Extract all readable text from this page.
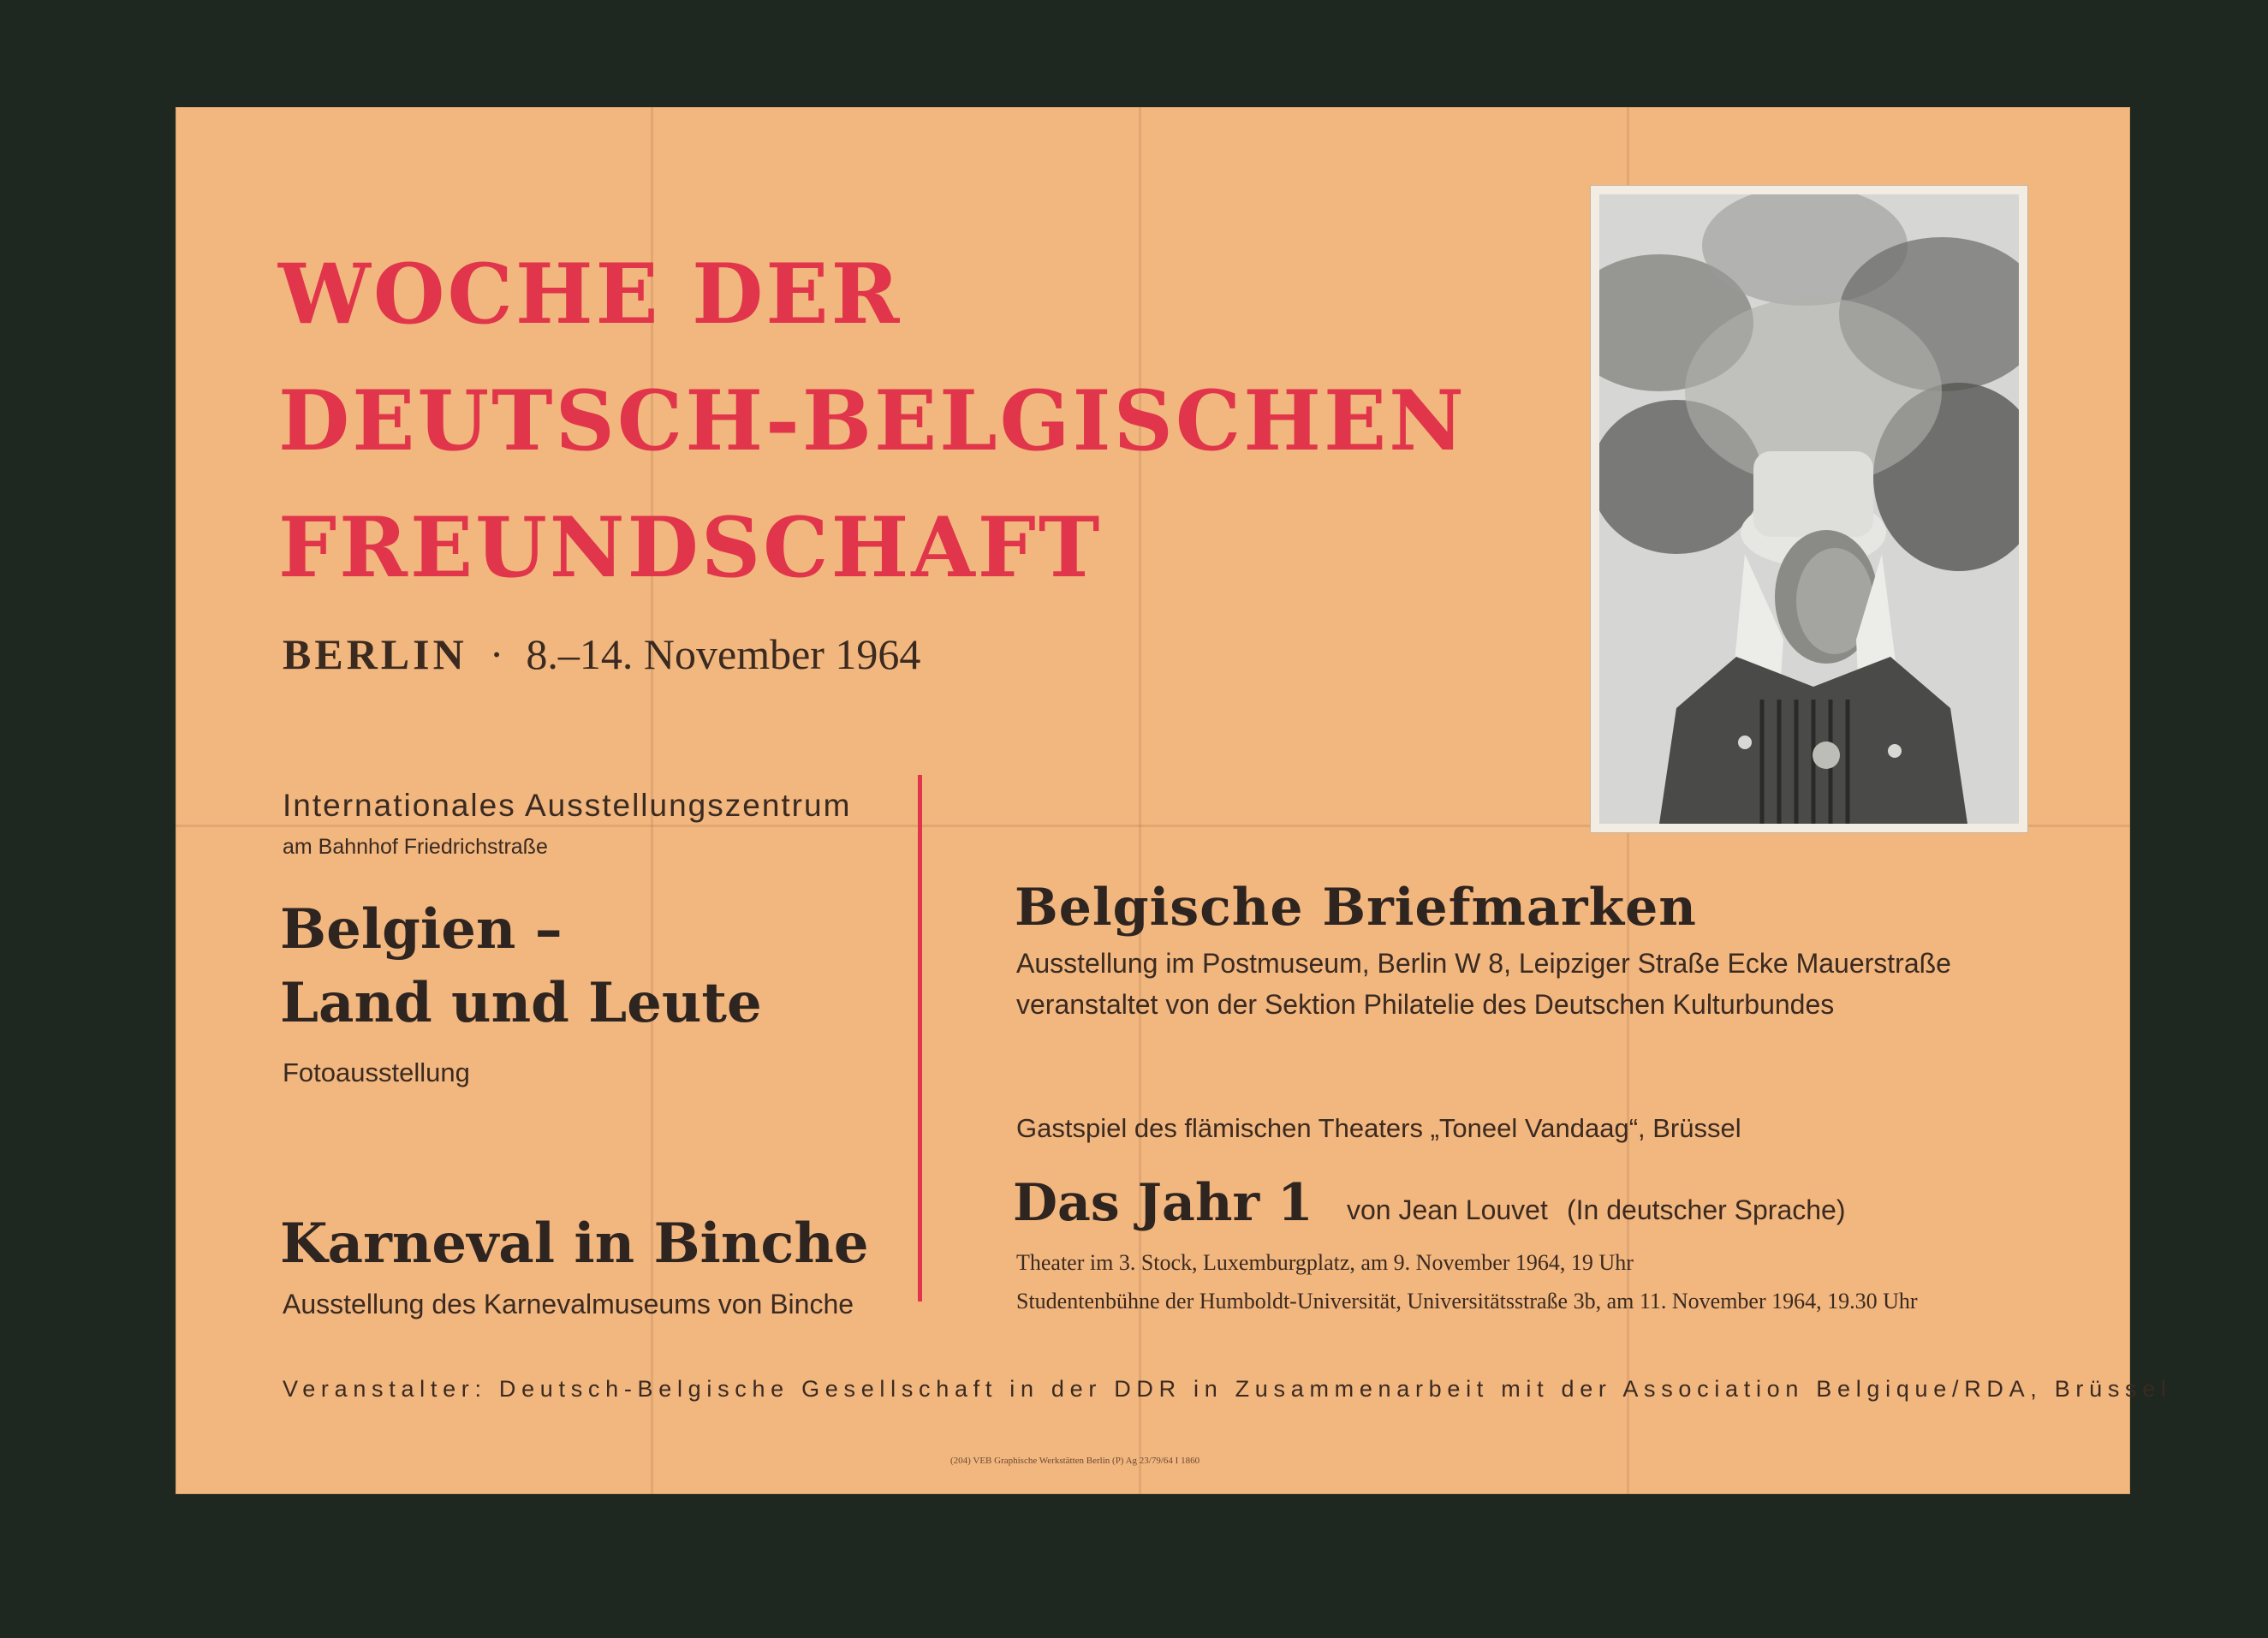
WOCHE DER
DEUTSCH-BELGISCHEN
FREUNDSCHAFT
BERLIN · 8.–14. November 1964
Internationales Ausstellungszentrum
am Bahnhof Friedrichstraße
Belgien –
Land und Leute
Fotoausstellung
Karneval in Binche
Ausstellung des Karnevalmuseums von Binche
Belgische Briefmarken
Ausstellung im Postmuseum, Berlin W 8, Leipziger Straße Ecke Mauerstraße
veranstaltet von der Sektion Philatelie des Deutschen Kulturbundes
Gastspiel des flämischen Theaters „Toneel Vandaag“, Brüssel
Das Jahr 1 von Jean Louvet (In deutscher Sprache)
Theater im 3. Stock, Luxemburgplatz, am 9. November 1964, 19 Uhr
Studentenbühne der Humboldt-Universität, Universitätsstraße 3b, am 11. November 1964, 19.30 Uhr
Veranstalter: Deutsch-Belgische Gesellschaft in der DDR in Zusammenarbeit mit der Association Belgique/RDA, Brüssel
(204) VEB Graphische Werkstätten Berlin (P) Ag 23/79/64 I 1860
